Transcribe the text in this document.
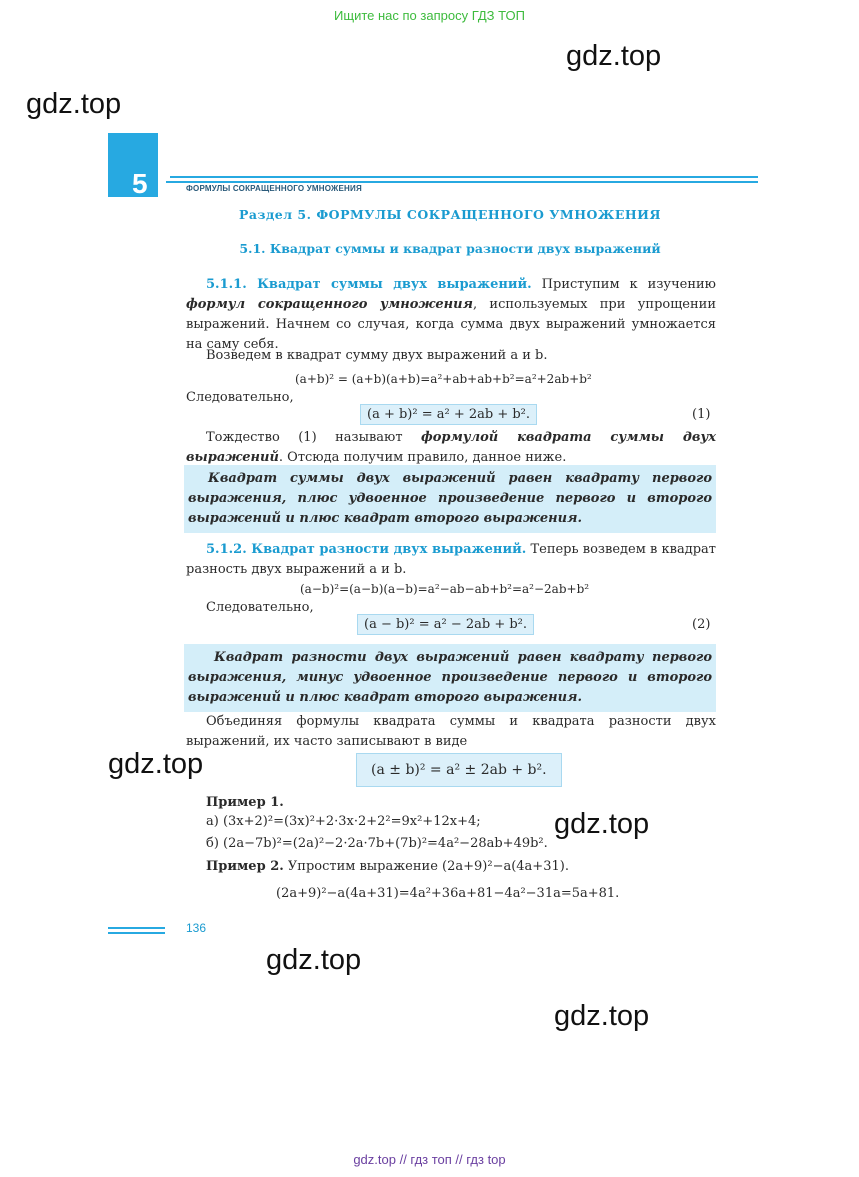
Ищите нас по запросу ГДЗ ТОП
gdz.top
gdz.top
gdz.top
gdz.top
gdz.top
gdz.top
5	ФОРМУЛЫ СОКРАЩЕННОГО УМНОЖЕНИЯ
Раздел 5. ФОРМУЛЫ СОКРАЩЕННОГО УМНОЖЕНИЯ
5.1. Квадрат суммы и квадрат разности двух выражений
5.1.1. Квадрат суммы двух выражений. Приступим к изучению формул сокращенного умножения, используемых при упрощении выражений. Начнем со случая, когда сумма двух выражений умножается на саму себя.
Возведем в квадрат сумму двух выражений a и b.
(a+b)² = (a+b)(a+b)=a²+ab+ab+b²=a²+2ab+b²
Следовательно,
(a + b)² = a² + 2ab + b².	(1)
Тождество (1) называют формулой квадрата суммы двух выражений. Отсюда получим правило, данное ниже.
Квадрат суммы двух выражений равен квадрату первого выражения, плюс удвоенное произведение первого и второго выражений и плюс квадрат второго выражения.
5.1.2. Квадрат разности двух выражений. Теперь возведем в квадрат разность двух выражений a и b.
(a−b)²=(a−b)(a−b)=a²−ab−ab+b²=a²−2ab+b²
Следовательно,
(a − b)² = a² − 2ab + b².	(2)
Квадрат разности двух выражений равен квадрату первого выражения, минус удвоенное произведение первого и второго выражений и плюс квадрат второго выражения.
Объединяя формулы квадрата суммы и квадрата разности двух выражений, их часто записывают в виде
(a ± b)² = a² ± 2ab + b².
Пример 1.
а) (3x+2)²=(3x)²+2·3x·2+2²=9x²+12x+4;
б) (2a−7b)²=(2a)²−2·2a·7b+(7b)²=4a²−28ab+49b².
Пример 2. Упростим выражение (2a+9)²−a(4a+31).
(2a+9)²−a(4a+31)=4a²+36a+81−4a²−31a=5a+81.
136
gdz.top // гдз топ // гдз top
